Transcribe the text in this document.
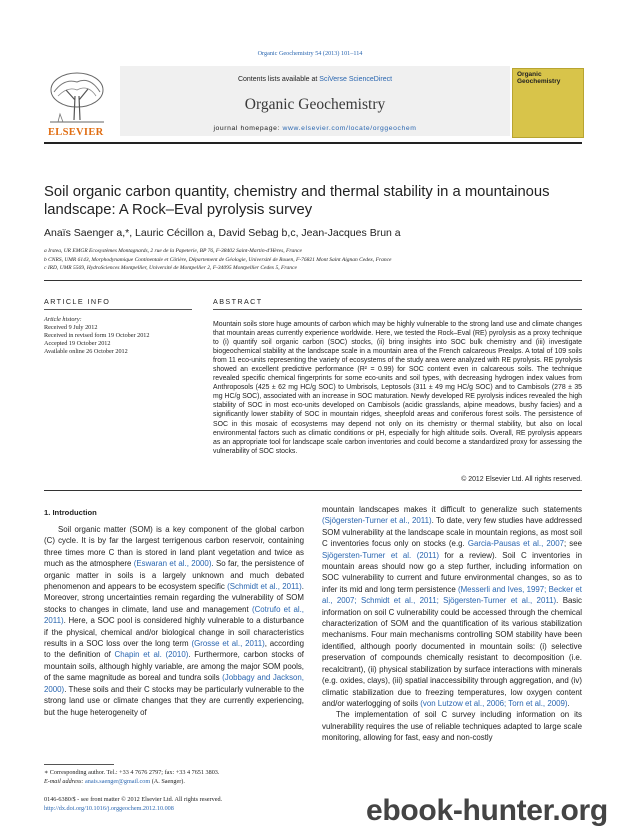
Organic Geochemistry 54 (2013) 101–114
ELSEVIER
Contents lists available at SciVerse ScienceDirect
Organic Geochemistry
journal homepage: www.elsevier.com/locate/orggeochem
Organic Geochemistry
Soil organic carbon quantity, chemistry and thermal stability in a mountainous landscape: A Rock–Eval pyrolysis survey
Anaïs Saenger a,*, Lauric Cécillon a, David Sebag b,c, Jean-Jacques Brun a
a Irstea, UR EMGR Ecosystèmes Montagnards, 2 rue de la Papeterie, BP 76, F-38402 Saint-Martin-d'Hères, France
b CNRS, UMR 6143, Morphodynamique Continentale et Côtière, Département de Géologie, Université de Rouen, F-76821 Mont Saint Aignan Cedex, France
c IRD, UMR 5569, HydroSciences Montpellier, Université de Montpellier 2, F-34095 Montpellier Cedex 5, France
ARTICLE INFO	ABSTRACT
Article history:
Received 9 July 2012
Received in revised form 19 October 2012
Accepted 19 October 2012
Available online 26 October 2012
Mountain soils store huge amounts of carbon which may be highly vulnerable to the strong land use and climate changes that mountain areas currently experience worldwide. Here, we tested the Rock–Eval (RE) pyrolysis as a proxy technique to (i) quantify soil organic carbon (SOC) stocks, (ii) bring insights into SOC bulk chemistry and (iii) investigate biogeochemical stability at the landscape scale in a mountain area of the French calcareous Prealps. A total of 109 soils from 11 eco-units representing the variety of ecosystems of the study area were analyzed with RE pyrolysis. RE pyrolysis showed an excellent predictive performance (R² = 0.99) for SOC content even in calcareous soils. The technique revealed specific chemical fingerprints for some eco-units and soil types, with decreasing hydrogen index values from Anthroposols (425 ± 62 mg HC/g SOC) to Umbrisols, Leptosols (311 ± 49 mg HC/g SOC) and to Cambisols (278 ± 35 mg HC/g SOC), associated with an increase in SOC maturation. Newly developed RE pyrolysis indices revealed the high stability of SOC in most eco-units developed on Cambisols (acidic grasslands, alpine meadows, bushy facies) and a significantly lower stability of SOC in mountain ridges, sheepfold areas and coniferous forest soils. The persistence of SOC in this mosaic of ecosystems may depend not only on its chemistry or thermal stability, but also on local environmental factors such as climatic conditions or pH, especially for high altitude soils. Overall, RE pyrolysis appears as an appropriate tool for landscape scale carbon inventories and could become a standardized proxy for assessing the vulnerability of SOC stocks.
© 2012 Elsevier Ltd. All rights reserved.
1. Introduction

Soil organic matter (SOM) is a key component of the global carbon (C) cycle. It is by far the largest terrigenous carbon reservoir, containing three times more C than is stored in land plant vegetation and twice as much as the atmosphere (Eswaran et al., 2000). So far, the persistence of organic matter in soils is a largely unknown and much debated phenomenon and appears to be ecosystem specific (Schmidt et al., 2011). Moreover, strong uncertainties remain regarding the vulnerability of SOM stocks to changes in climate, land use and management (Cotrufo et al., 2011). Here, a SOC pool is considered highly vulnerable to a disturbance if the physical, chemical and/or biological change in soil characteristics results in a SOC loss over the long term (Grosse et al., 2011), according to the definition of Chapin et al. (2010). Furthermore, carbon stocks of mountain soils, although highly variable, are among the major SOM pools, of the same magnitude as boreal and tundra soils (Jobbagy and Jackson, 2000). These soils and their C stocks may be particularly vulnerable to the strong land use or climate changes that they are currently experiencing, but the huge heterogeneity of

mountain landscapes makes it difficult to generalize such statements (Sjögersten-Turner et al., 2011). To date, very few studies have addressed SOM vulnerability at the landscape scale in mountain regions, as most soil C inventories focus only on stocks (e.g. Garcia-Pausas et al., 2007; see Sjögersten-Turner et al. (2011) for a review). Soil C inventories in mountain areas should now go a step further, including information on SOC vulnerability to current and future environmental changes, so as to infer its mid and long term persistence (Messerli and Ives, 1997; Becker et al., 2007; Schmidt et al., 2011; Sjögersten-Turner et al., 2011). Basic information on soil C vulnerability could be accessed through the chemical characterization of SOM and the quantification of its various stabilization mechanisms. Four main mechanisms controlling SOM stability have been identified, although poorly documented in mountain soils: (i) selective preservation of compounds chemically resistant to decomposition (i.e. recalcitrant), (ii) physical stabilization by surface interactions with minerals (e.g. oxides, clays), (iii) spatial inaccessibility through aggregation, and (iv) climatic stabilization due to freezing temperatures, low oxygen content and/or waterlogging of soils (von Lutzow et al., 2006; Torn et al., 2009).

The implementation of soil C survey including information on its vulnerability requires the use of reliable techniques adapted to large scale monitoring, allowing for fast, easy and non-costly

∗ Corresponding author. Tel.: +33 4 7676 2797; fax: +33 4 7651 3803.
E-mail address: anais.saenger@gmail.com (A. Saenger).
0146-6380/$ - see front matter © 2012 Elsevier Ltd. All rights reserved.
http://dx.doi.org/10.1016/j.orggeochem.2012.10.008	ebook-hunter.org
